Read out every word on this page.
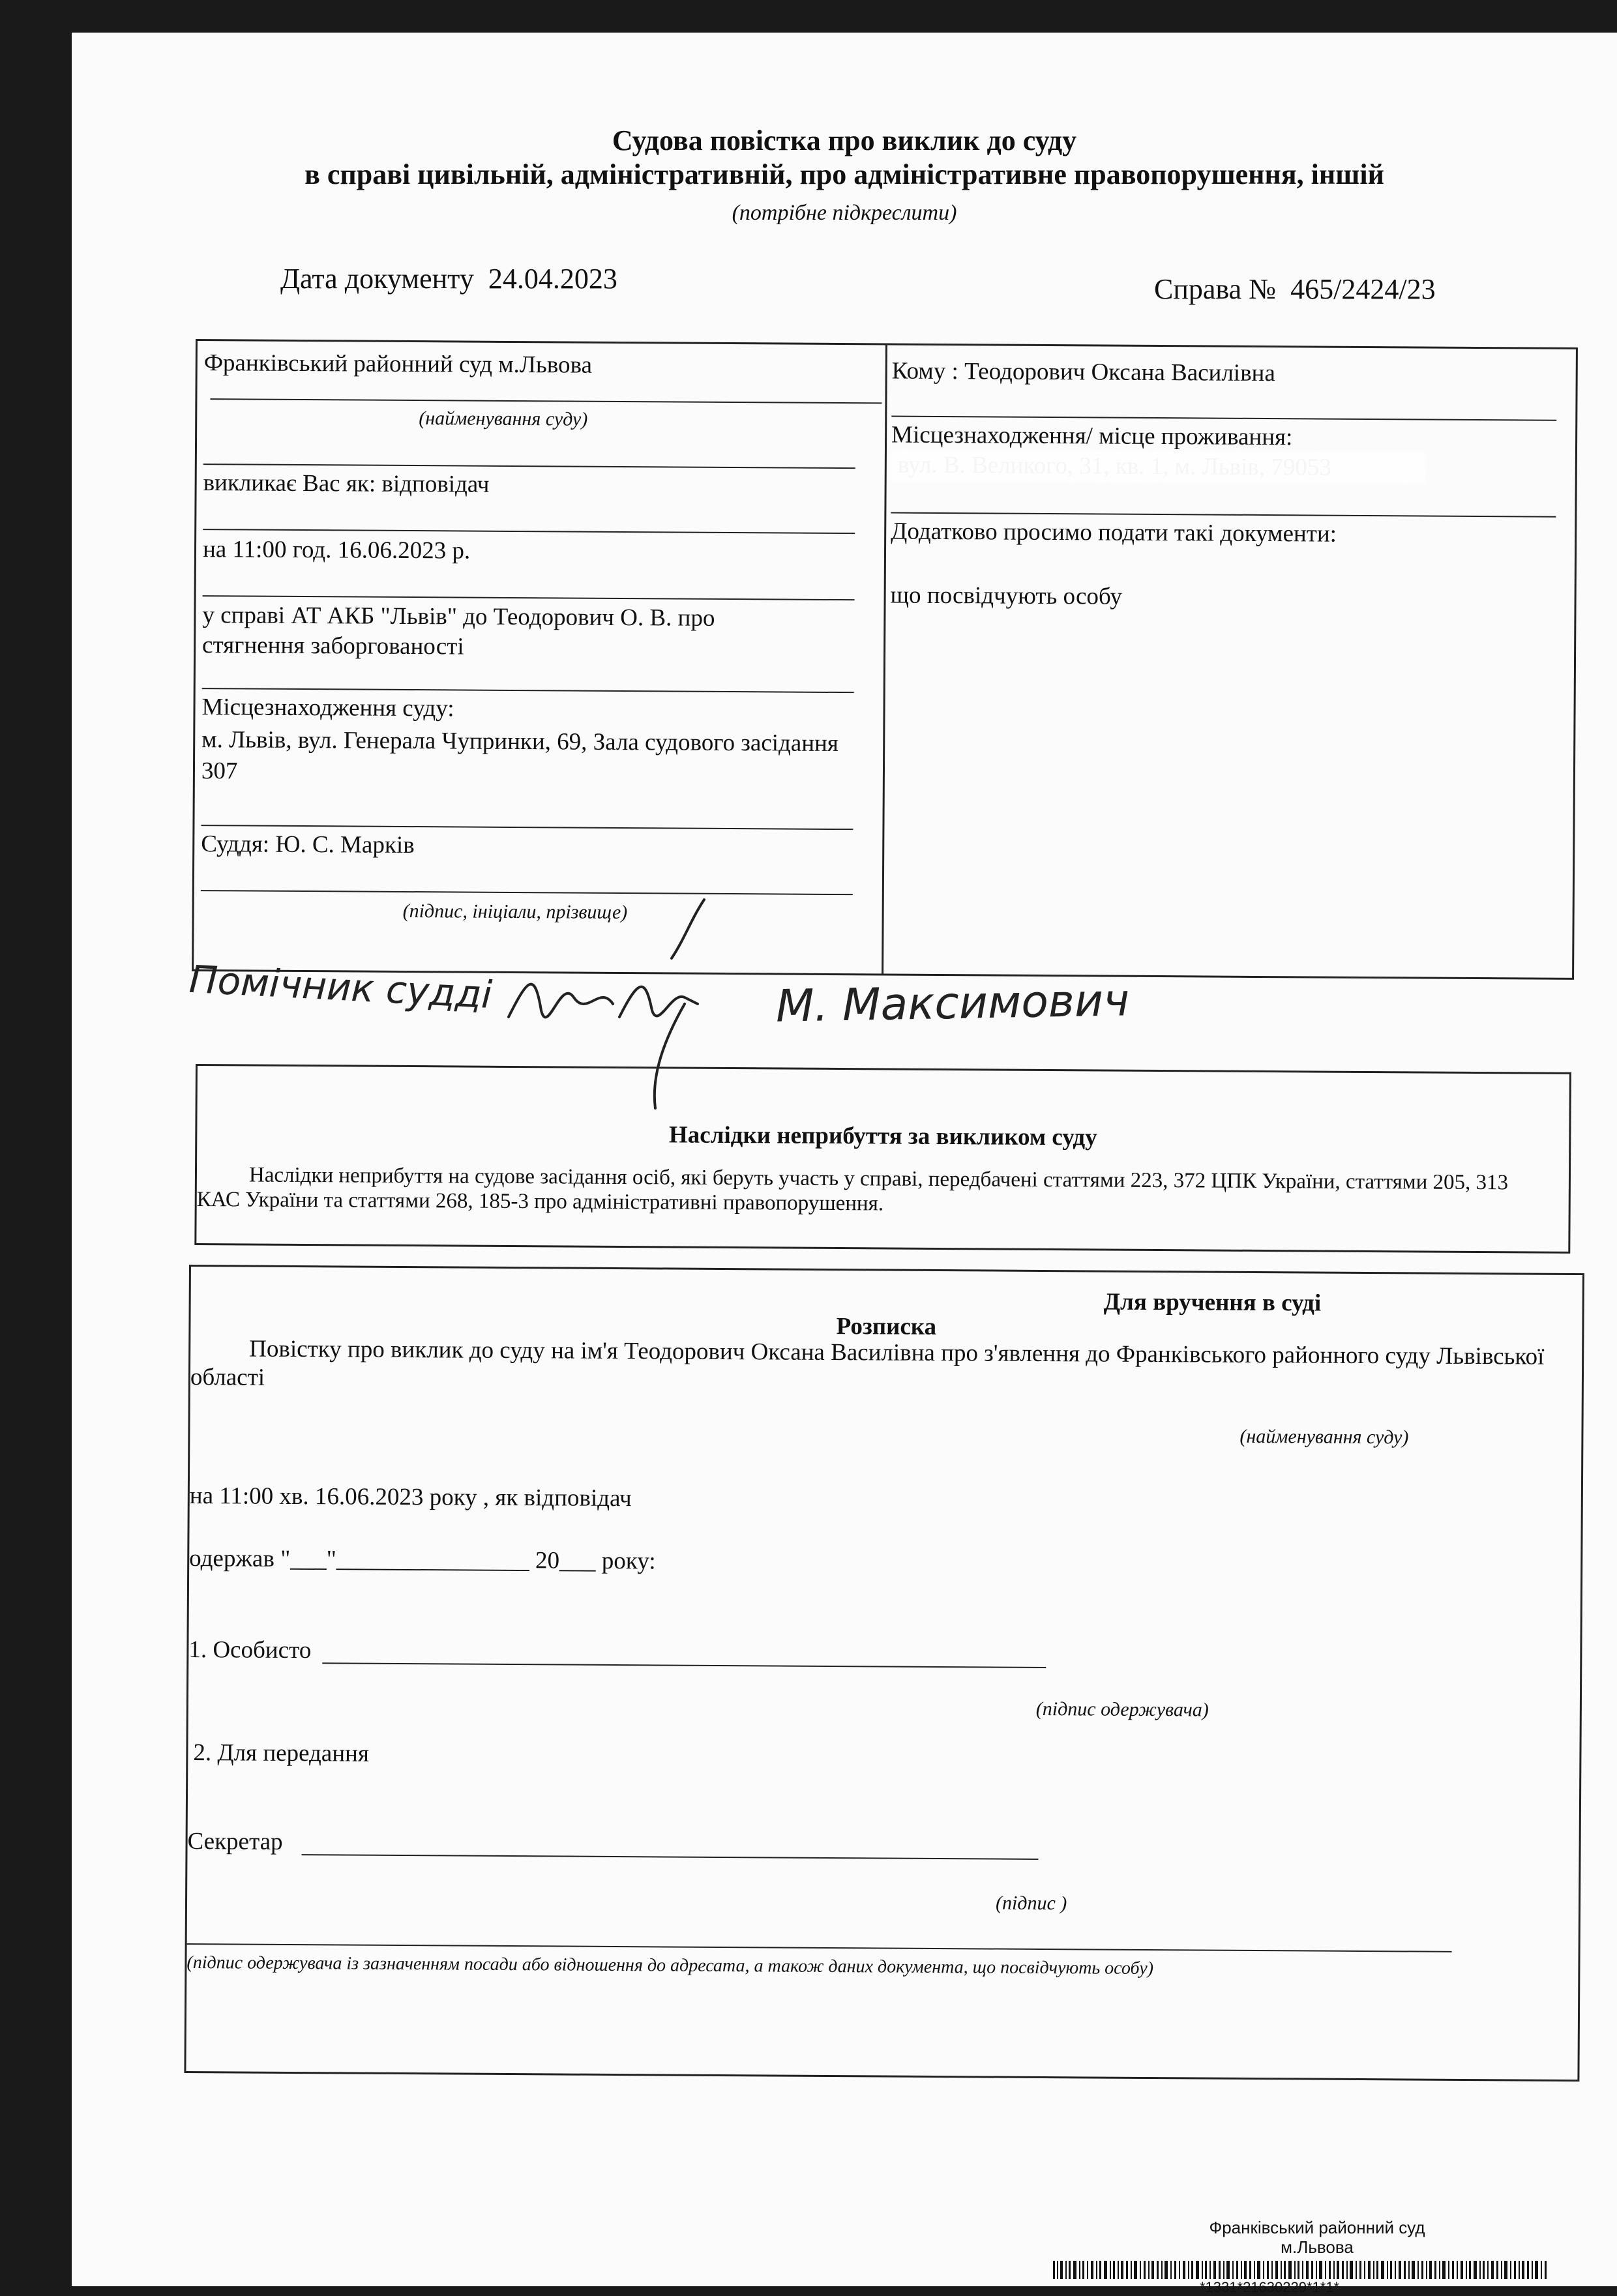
Судова повістка про виклик до суду
в справі цивільній, адміністративній, про адміністративне правопорушення, іншій
(потрібне підкреслити)
Дата документу 24.04.2023	Справа № 465/2424/23
Франківський районний суд м.Львова
(найменування суду)
викликає Вас як: відповідач
на 11:00 год. 16.06.2023 р.
у справі АТ АКБ "Львів" до Теодорович О. В. про стягнення заборгованості
Місцезнаходження суду:
м. Львів, вул. Генерала Чупринки, 69, Зала судового засідання 307
Суддя: Ю. С. Марків
(підпис, ініціали, прізвище)
Кому : Теодорович Оксана Василівна
Місцезнаходження/ місце проживання:
Додатково просимо подати такі документи:
що посвідчують особу
Помічник судді	М. Максимович
Наслідки неприбуття за викликом суду
Наслідки неприбуття на судове засідання осіб, які беруть участь у справі, передбачені статтями 223, 372 ЦПК України, статтями 205, 313 КАС України та статтями 268, 185-3 про адміністративні правопорушення.
Для вручення в суді
Розписка
Повістку про виклик до суду на ім'я Теодорович Оксана Василівна про з'явлення до Франківського районного суду Львівської області
(найменування суду)
на 11:00 хв. 16.06.2023 року , як відповідач
одержав "___"________________ 20___ року:
1. Особисто
(підпис одержувача)
2. Для передання
Секретар
(підпис )
(підпис одержувача із зазначенням посади або відношення до адресата, а також даних документа, що посвідчують особу)
Франківський районний суд
м.Львова
*1331*21630229*1*1*
